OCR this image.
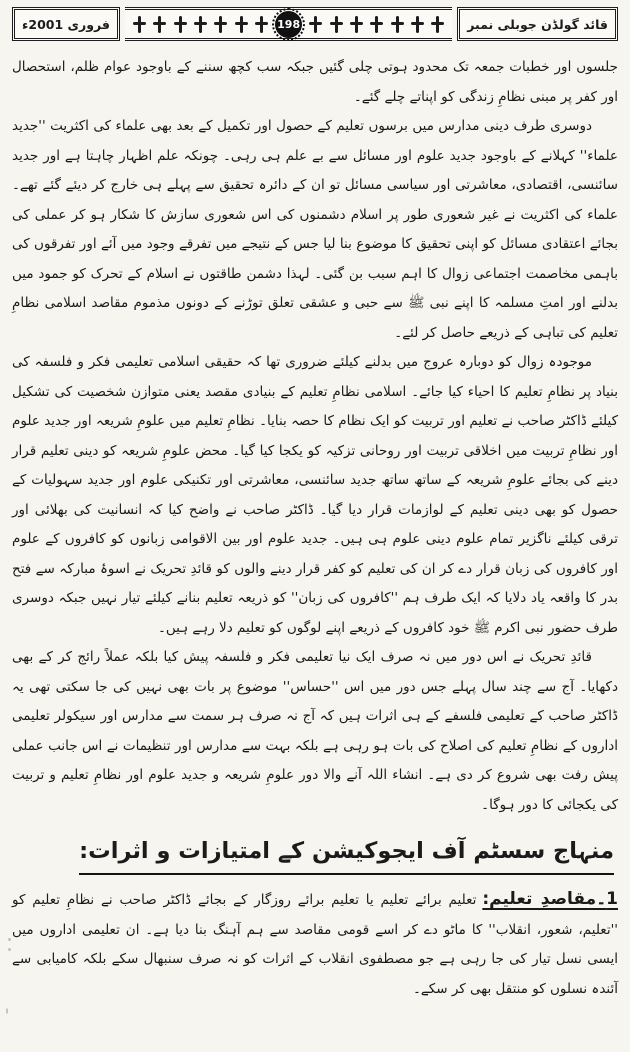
قائد گولڈن جوبلی نمبر
198
فروری 2001ء

جلسوں اور خطبات جمعہ تک محدود ہوتی چلی گئیں جبکہ سب کچھ سننے کے باوجود عوام ظلم، استحصال اور کفر پر مبنی نظامِ زندگی کو اپناتے چلے گئے۔

دوسری طرف دینی مدارس میں برسوں تعلیم کے حصول اور تکمیل کے بعد بھی علماء کی اکثریت ''جدید علماء'' کہلانے کے باوجود جدید علوم اور مسائل سے بے علم ہی رہی۔ چونکہ علم اظہار چاہتا ہے اور جدید سائنسی، اقتصادی، معاشرتی اور سیاسی مسائل تو ان کے دائرہ تحقیق سے پہلے ہی خارج کر دیئے گئے تھے۔ علماء کی اکثریت نے غیر شعوری طور پر اسلام دشمنوں کی اس شعوری سازش کا شکار ہو کر عملی کی بجائے اعتقادی مسائل کو اپنی تحقیق کا موضوع بنا لیا جس کے نتیجے میں تفرقے وجود میں آئے اور تفرقوں کی باہمی مخاصمت اجتماعی زوال کا اہم سبب بن گئی۔ لہذا دشمن طاقتوں نے اسلام کے تحرک کو جمود میں بدلنے اور امتِ مسلمہ کا اپنے نبی ﷺ سے حبی و عشقی تعلق توڑنے کے دونوں مذموم مقاصد اسلامی نظامِ تعلیم کی تباہی کے ذریعے حاصل کر لئے۔

موجودہ زوال کو دوبارہ عروج میں بدلنے کیلئے ضروری تھا کہ حقیقی اسلامی تعلیمی فکر و فلسفہ کی بنیاد پر نظامِ تعلیم کا احیاء کیا جائے۔ اسلامی نظامِ تعلیم کے بنیادی مقصد یعنی متوازن شخصیت کی تشکیل کیلئے ڈاکٹر صاحب نے تعلیم اور تربیت کو ایک نظام کا حصہ بنایا۔ نظامِ تعلیم میں علومِ شریعہ اور جدید علوم اور نظامِ تربیت میں اخلاقی تربیت اور روحانی تزکیہ کو یکجا کیا گیا۔ محض علومِ شریعہ کو دینی تعلیم قرار دینے کی بجائے علومِ شریعہ کے ساتھ ساتھ جدید سائنسی، معاشرتی اور تکنیکی علوم اور جدید سہولیات کے حصول کو بھی دینی تعلیم کے لوازمات قرار دیا گیا۔ ڈاکٹر صاحب نے واضح کیا کہ انسانیت کی بھلائی اور ترقی کیلئے ناگزیر تمام علوم دینی علوم ہی ہیں۔ جدید علوم اور بین الاقوامی زبانوں کو کافروں کے علوم اور کافروں کی زبان قرار دے کر ان کی تعلیم کو کفر قرار دینے والوں کو قائدِ تحریک نے اسوۂ مبارکہ سے فتح بدر کا واقعہ یاد دلایا کہ ایک طرف ہم ''کافروں کی زبان'' کو ذریعہ تعلیم بنانے کیلئے تیار نہیں جبکہ دوسری طرف حضور نبی اکرم ﷺ خود کافروں کے ذریعے اپنے لوگوں کو تعلیم دلا رہے ہیں۔

قائدِ تحریک نے اس دور میں نہ صرف ایک نیا تعلیمی فکر و فلسفہ پیش کیا بلکہ عملاً رائج کر کے بھی دکھایا۔ آج سے چند سال پہلے جس دور میں اس ''حساس'' موضوع پر بات بھی نہیں کی جا سکتی تھی یہ ڈاکٹر صاحب کے تعلیمی فلسفے کے ہی اثرات ہیں کہ آج نہ صرف ہر سمت سے مدارس اور سیکولر تعلیمی اداروں کے نظامِ تعلیم کی اصلاح کی بات ہو رہی ہے بلکہ بہت سے مدارس اور تنظیمات نے اس جانب عملی پیش رفت بھی شروع کر دی ہے۔ انشاء اللہ آنے والا دور علومِ شریعہ و جدید علوم اور نظامِ تعلیم و تربیت کی یکجائی کا دور ہوگا۔

منہاج سسٹم آف ایجوکیشن کے امتیازات و اثرات:

1۔مقاصدِ تعلیم:تعلیم برائے تعلیم یا تعلیم برائے روزگار کے بجائے ڈاکٹر صاحب نے نظامِ تعلیم کو ''تعلیم، شعور، انقلاب'' کا ماٹو دے کر اسے قومی مقاصد سے ہم آہنگ بنا دیا ہے۔ ان تعلیمی اداروں میں ایسی نسل تیار کی جا رہی ہے جو مصطفوی انقلاب کے اثرات کو نہ صرف سنبھال سکے بلکہ کامیابی سے آئندہ نسلوں کو منتقل بھی کر سکے۔
